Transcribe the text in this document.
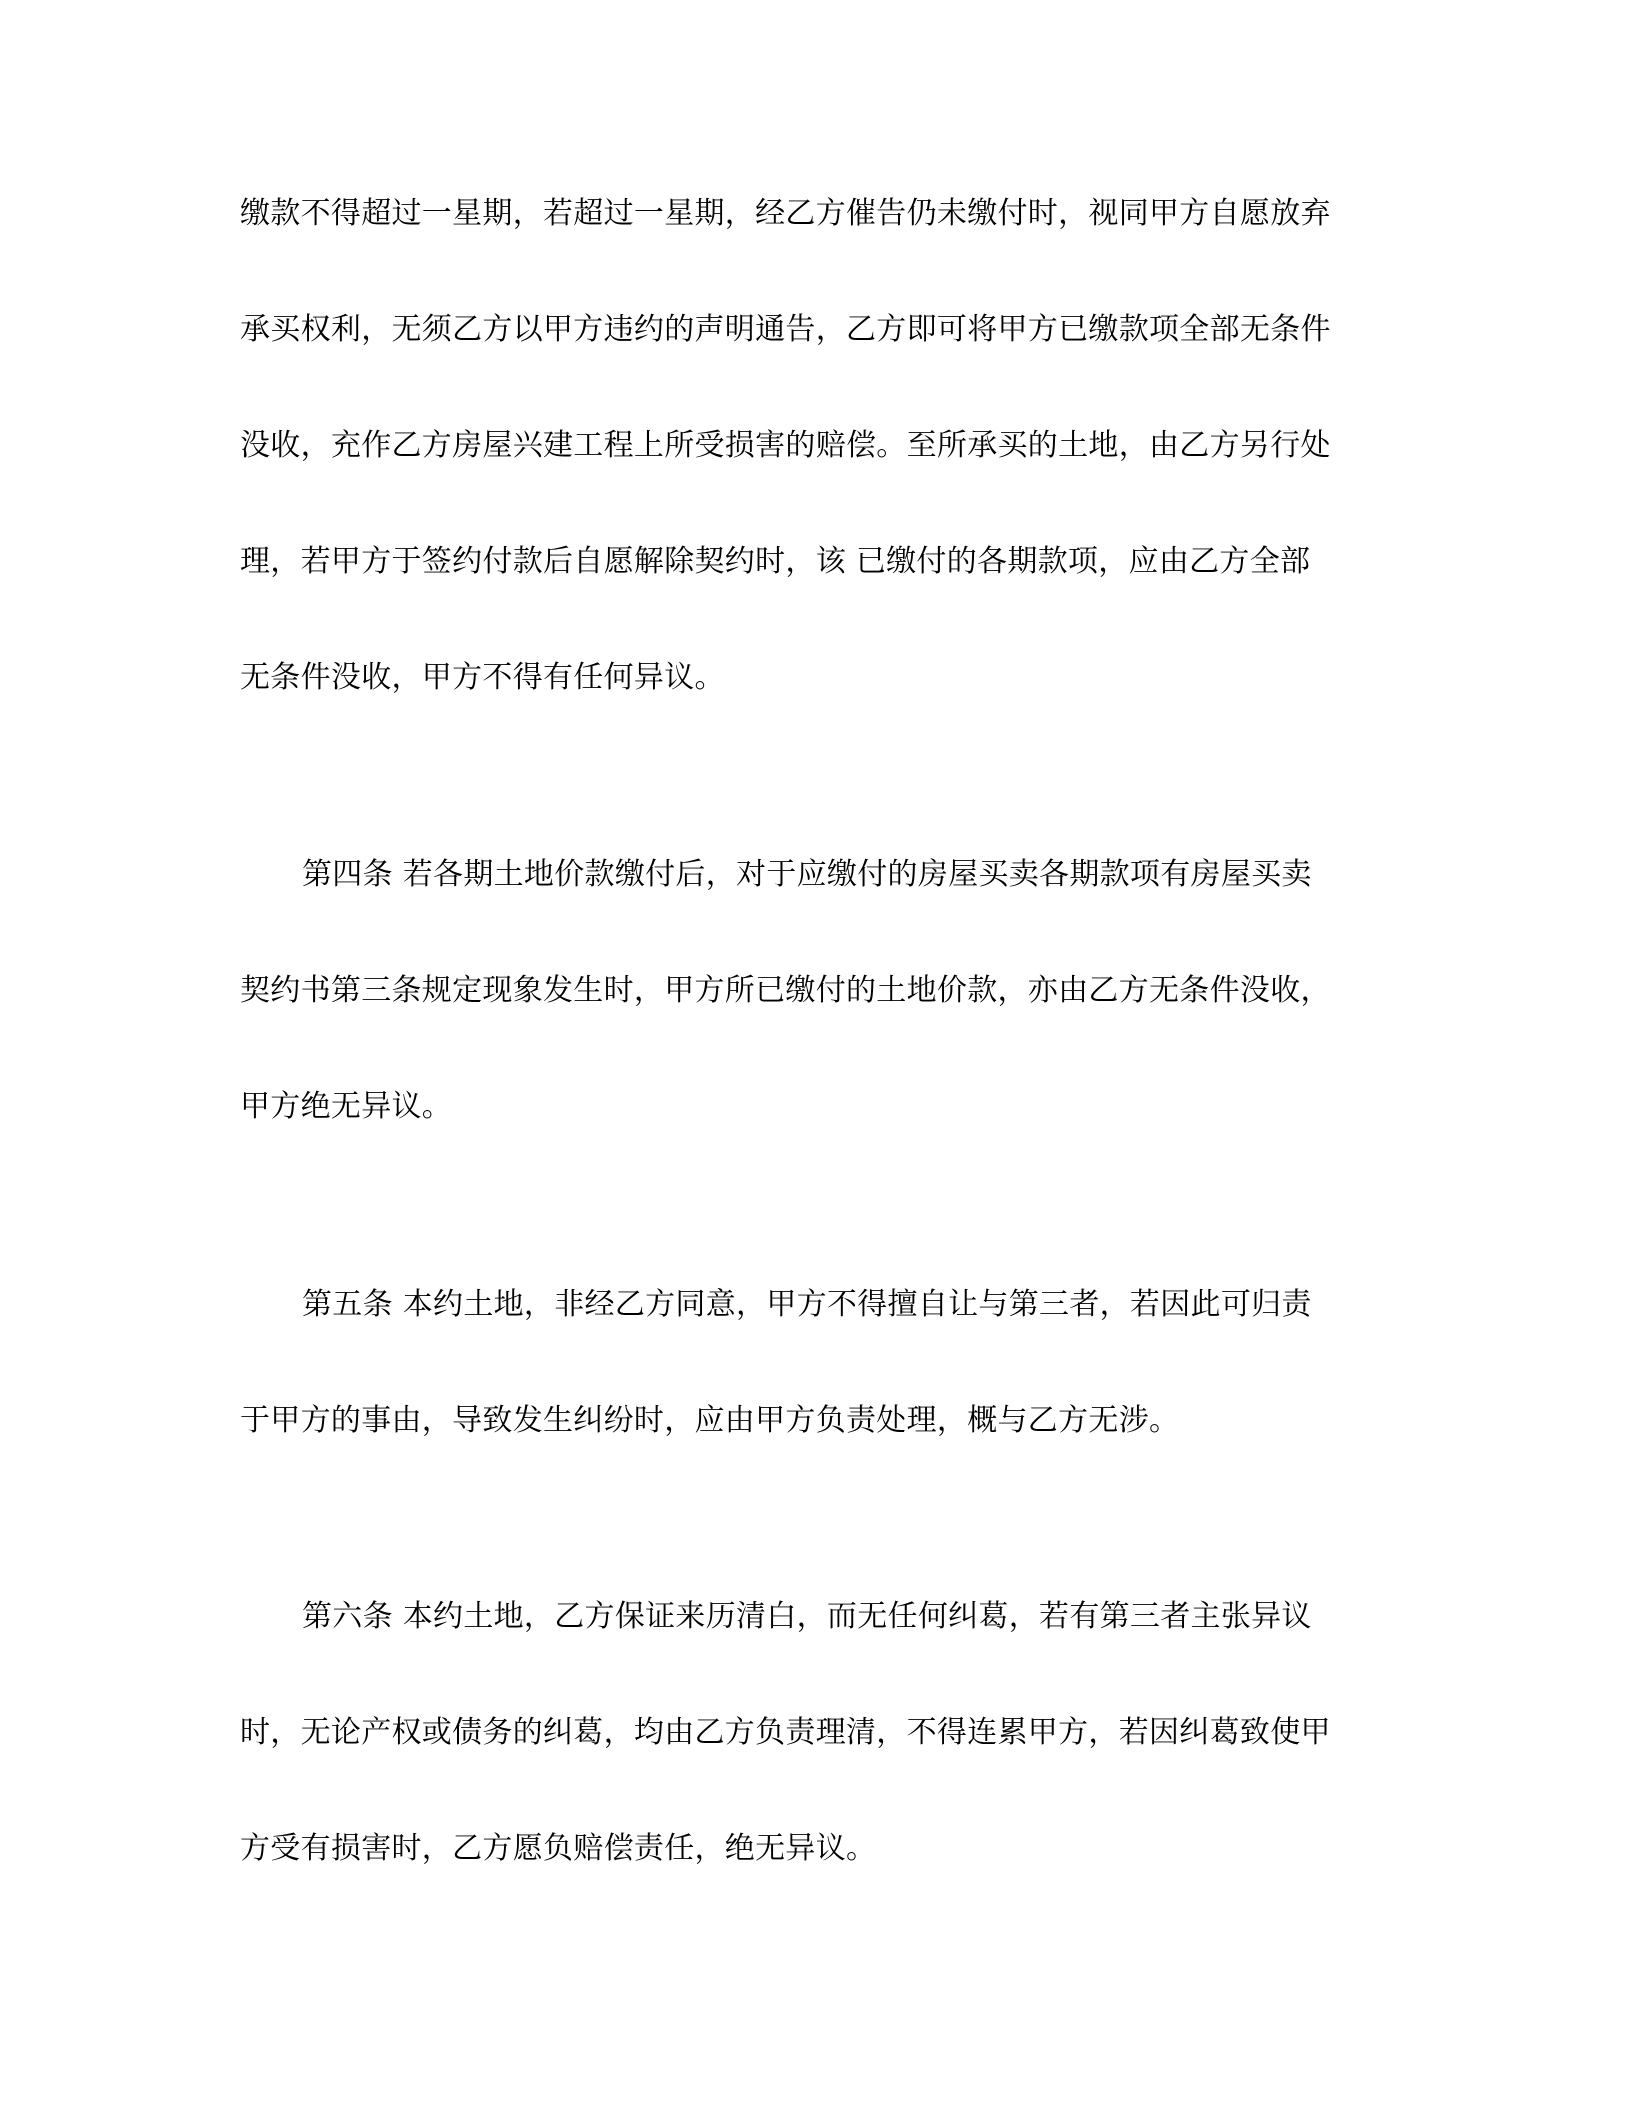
缴款不得超过一星期，若超过一星期，经乙方催告仍未缴付时，视同甲方自愿放弃
承买权利，无须乙方以甲方违约的声明通告，乙方即可将甲方已缴款项全部无条件
没收，充作乙方房屋兴建工程上所受损害的赔偿。至所承买的土地，由乙方另行处
理，若甲方于签约付款后自愿解除契约时，该 已缴付的各期款项，应由乙方全部
无条件没收，甲方不得有任何异议。
第四条 若各期土地价款缴付后，对于应缴付的房屋买卖各期款项有房屋买卖
契约书第三条规定现象发生时，甲方所已缴付的土地价款，亦由乙方无条件没收，
甲方绝无异议。
第五条 本约土地，非经乙方同意，甲方不得擅自让与第三者，若因此可归责
于甲方的事由，导致发生纠纷时，应由甲方负责处理，概与乙方无涉。
第六条 本约土地，乙方保证来历清白，而无任何纠葛，若有第三者主张异议
时，无论产权或债务的纠葛，均由乙方负责理清，不得连累甲方，若因纠葛致使甲
方受有损害时，乙方愿负赔偿责任，绝无异议。
